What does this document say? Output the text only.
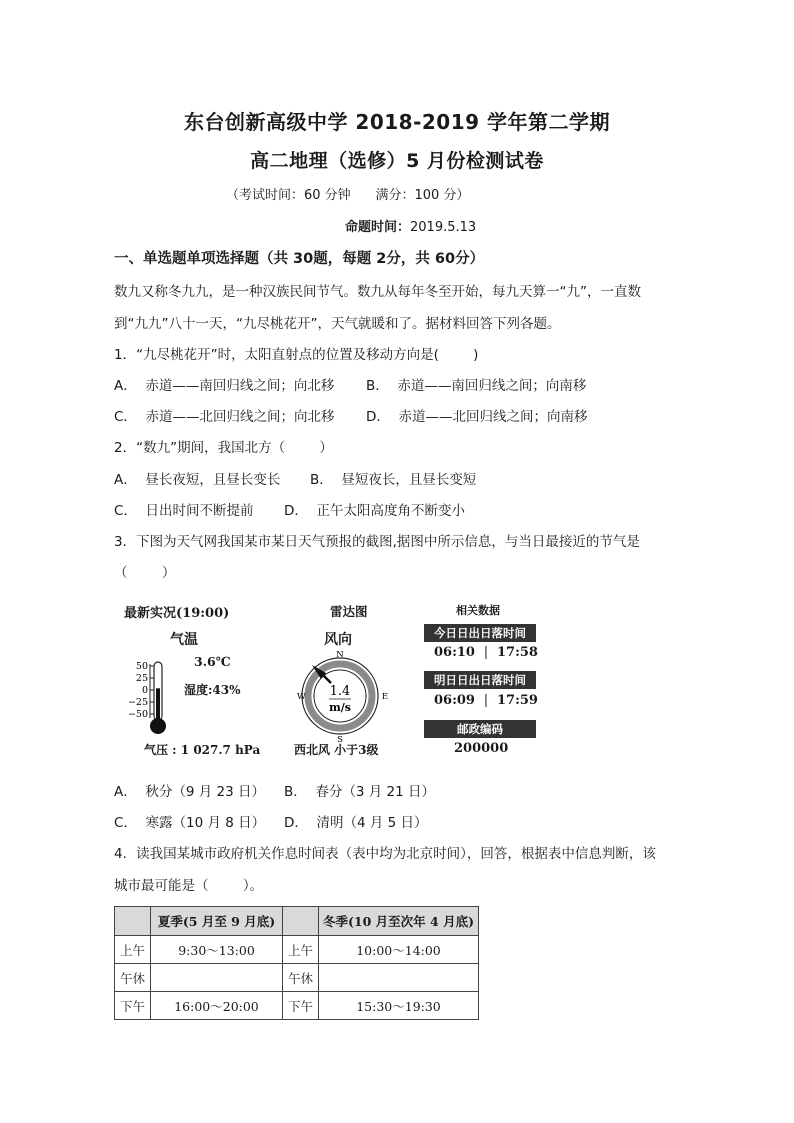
东台创新高级中学 2018-2019 学年第二学期
高二地理（选修）5 月份检测试卷
（考试时间：60 分钟      满分：100 分）
命题时间：2019.5.13
一、单选题单项选择题（共 30题，每题 2分，共 60分）
数九又称冬九九，是一种汉族民间节气。数九从每年冬至开始，每九天算一“九”，一直数
到“九九”八十一天，“九尽桃花开”，天气就暖和了。据材料回答下列各题。
1．“九尽桃花开”时，太阳直射点的位置及移动方向是(        )
A．  赤道——南回归线之间；向北移 B．  赤道——南回归线之间；向南移
C．  赤道——北回归线之间；向北移 D．  赤道——北回归线之间；向南移
2．“数九”期间，我国北方（        ）
A．  昼长夜短，且昼长变长 B．  昼短夜长，且昼长变短
C．  日出时间不断提前 D．  正午太阳高度角不断变小
3．下图为天气网我国某市某日天气预报的截图,据图中所示信息，与当日最接近的节气是
（        ）
最新实况(19:00)
气温
3.6℃
湿度:43%
50
25
0
−25
−50
气压 : 1 027.7 hPa
雷达图
风向
1.4
m/s
N
S
E
W
西北风 小于3级
相关数据
今日日出日落时间
06:10 | 17:58
明日日出日落时间
06:09 | 17:59
邮政编码
200000
A．  秋分（9 月 23 日） B．  春分（3 月 21 日）
C．  寒露（10 月 8 日） D．  清明（4 月 5 日）
4．读我国某城市政府机关作息时间表（表中均为北京时间），回答，根据表中信息判断，该
城市最可能是（        ）。
	夏季(5 月至 9 月底)		冬季(10 月至次年 4 月底)
上午	9:30～13:00	上午	10:00～14:00
午休		午休	
下午	16:00～20:00	下午	15:30～19:30
